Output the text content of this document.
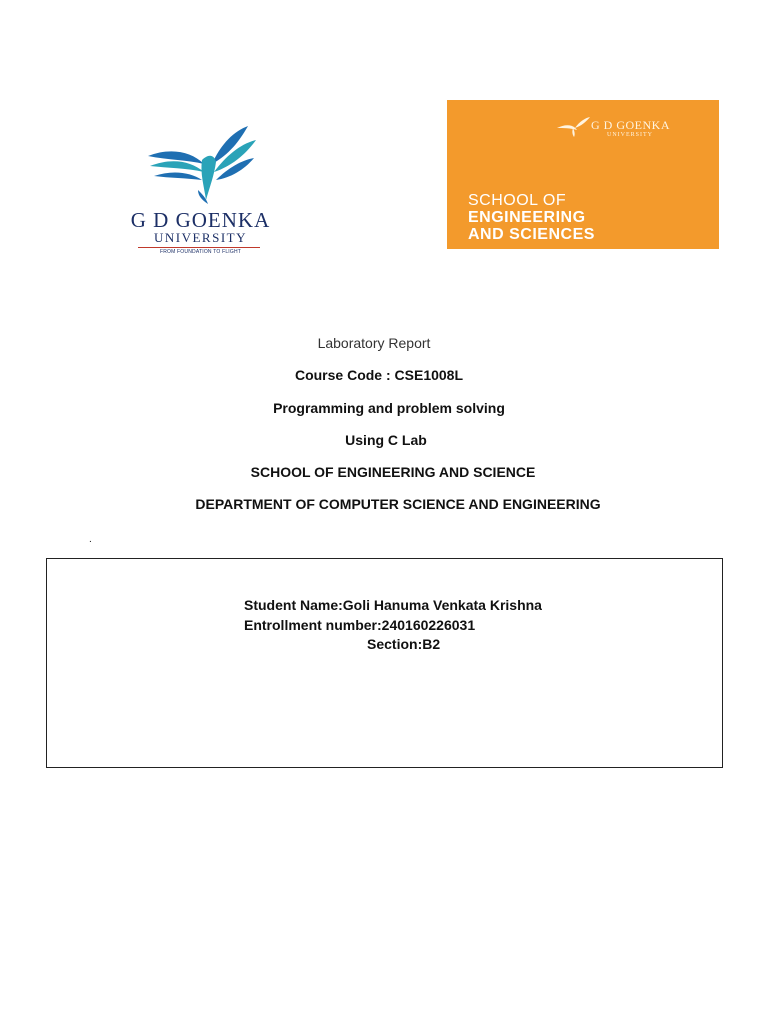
G D GOENKA
UNIVERSITY
FROM FOUNDATION TO FLIGHT
G D GOENKA
UNIVERSITY
SCHOOL OF
ENGINEERING
AND SCIENCES
Laboratory Report
Course Code : CSE1008L
Programming and problem solving
Using C Lab
SCHOOL OF ENGINEERING AND SCIENCE
DEPARTMENT OF COMPUTER SCIENCE AND ENGINEERING
.
Student Name:Goli Hanuma Venkata Krishna
Entrollment number:240160226031
Section:B2
